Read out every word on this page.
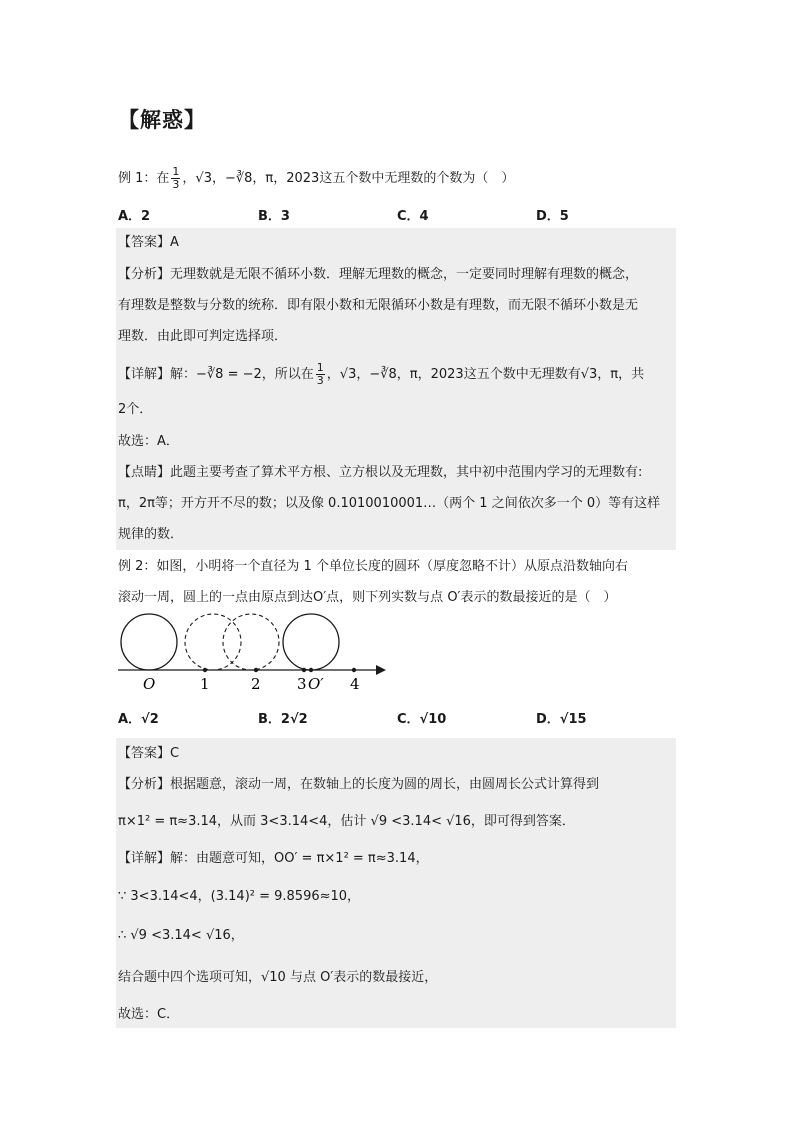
【解惑】
例 1：在 $\frac{1}{3}$ ，√3，−∛8，π，2023这五个数中无理数的个数为（　）
A．2	B．3	C．4	D．5
【答案】A
【分析】无理数就是无限不循环小数．理解无理数的概念，一定要同时理解有理数的概念，
有理数是整数与分数的统称．即有限小数和无限循环小数是有理数，而无限不循环小数是无
理数．由此即可判定选择项．
【详解】解：−∛8 = −2，所以在 $\frac{1}{3}$ ，√3，−∛8，π，2023这五个数中无理数有√3，π，共
2个．
故选：A．
【点睛】此题主要考查了算术平方根、立方根以及无理数，其中初中范围内学习的无理数有:
π，2π等；开方开不尽的数；以及像 0.1010010001…（两个 1 之间依次多一个 0）等有这样
规律的数．
例 2：如图，小明将一个直径为 1 个单位长度的圆环（厚度忽略不计）从原点沿数轴向右
滚动一周，圆上的一点由原点到达O′点，则下列实数与点 O′表示的数最接近的是（　）
O	1	2 3 O′ 4
A．√2	B．2√2	C．√10	D．√15
【答案】C
【分析】根据题意，滚动一周，在数轴上的长度为圆的周长，由圆周长公式计算得到
π×1² = π≈3.14，从而 3<3.14<4，估计 √9 <3.14< √16，即可得到答案．
【详解】解：由题意可知，OO′ = π×1² = π≈3.14，
∵ 3<3.14<4，(3.14)² = 9.8596≈10，
∴ √9 <3.14< √16，
结合题中四个选项可知，√10 与点 O′表示的数最接近，
故选：C．
